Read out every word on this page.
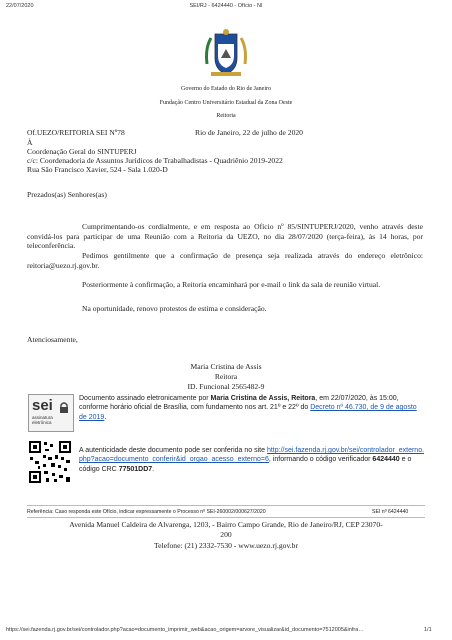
22/07/2020	SEI/RJ - 6424440 - Ofício - NI
Governo do Estado do Rio de Janeiro
Fundação Centro Universitário Estadual da Zona Oeste
Reitoria
Of.UEZO/REITORIA SEI Nº78	Rio de Janeiro, 22 de julho de 2020
À
Coordenação Geral do SINTUPERJ
c/c: Coordenadoria de Assuntos Jurídicos de Trabalhadistas - Quadriênio 2019-2022
Rua São Francisco Xavier, 524 - Sala 1.020-D
Prezados(as) Senhores(as)
Cumprimentando-os cordialmente, e em resposta ao Ofício nº 85/SINTUPERJ/2020, venho através deste convidá-los para participar de uma Reunião com a Reitoria da UEZO, no dia 28/07/2020 (terça-feira), às 14 horas, por teleconferência.
Pedimos gentilmente que a confirmação de presença seja realizada através do endereço eletrônico: reitoria@uezo.rj.gov.br.
Posteriormente à confirmação, a Reitoria encaminhará por e-mail o link da sala de reunião virtual.
Na oportunidade, renovo protestos de estima e consideração.
Atenciosamente,
Maria Cristina de Assis
Reitora
ID. Funcional 2565482-9
sei
assinatura eletrônica
Documento assinado eletronicamente por Maria Cristina de Assis, Reitora, em 22/07/2020, às 15:00, conforme horário oficial de Brasília, com fundamento nos art. 21º e 22º do Decreto nº 46.730, de 9 de agosto de 2019.
A autenticidade deste documento pode ser conferida no site http://sei.fazenda.rj.gov.br/sei/controlador_externo.php?acao=documento_conferir&id_orgao_acesso_externo=6, informando o código verificador 6424440 e o código CRC 77501DD7.
Referência: Caso responda este Ofício, indicar expressamente o Processo nº SEI-260002/000627/2020	SEI nº 6424440
Avenida Manuel Caldeira de Alvarenga, 1203, - Bairro Campo Grande, Rio de Janeiro/RJ, CEP 23070-
200
Telefone: (21) 2332-7530 - www.uezo.rj.gov.br
https://sei.fazenda.rj.gov.br/sei/controlador.php?acao=documento_imprimir_web&acao_origem=arvore_visualizar&id_documento=7512005&infra…	1/1
